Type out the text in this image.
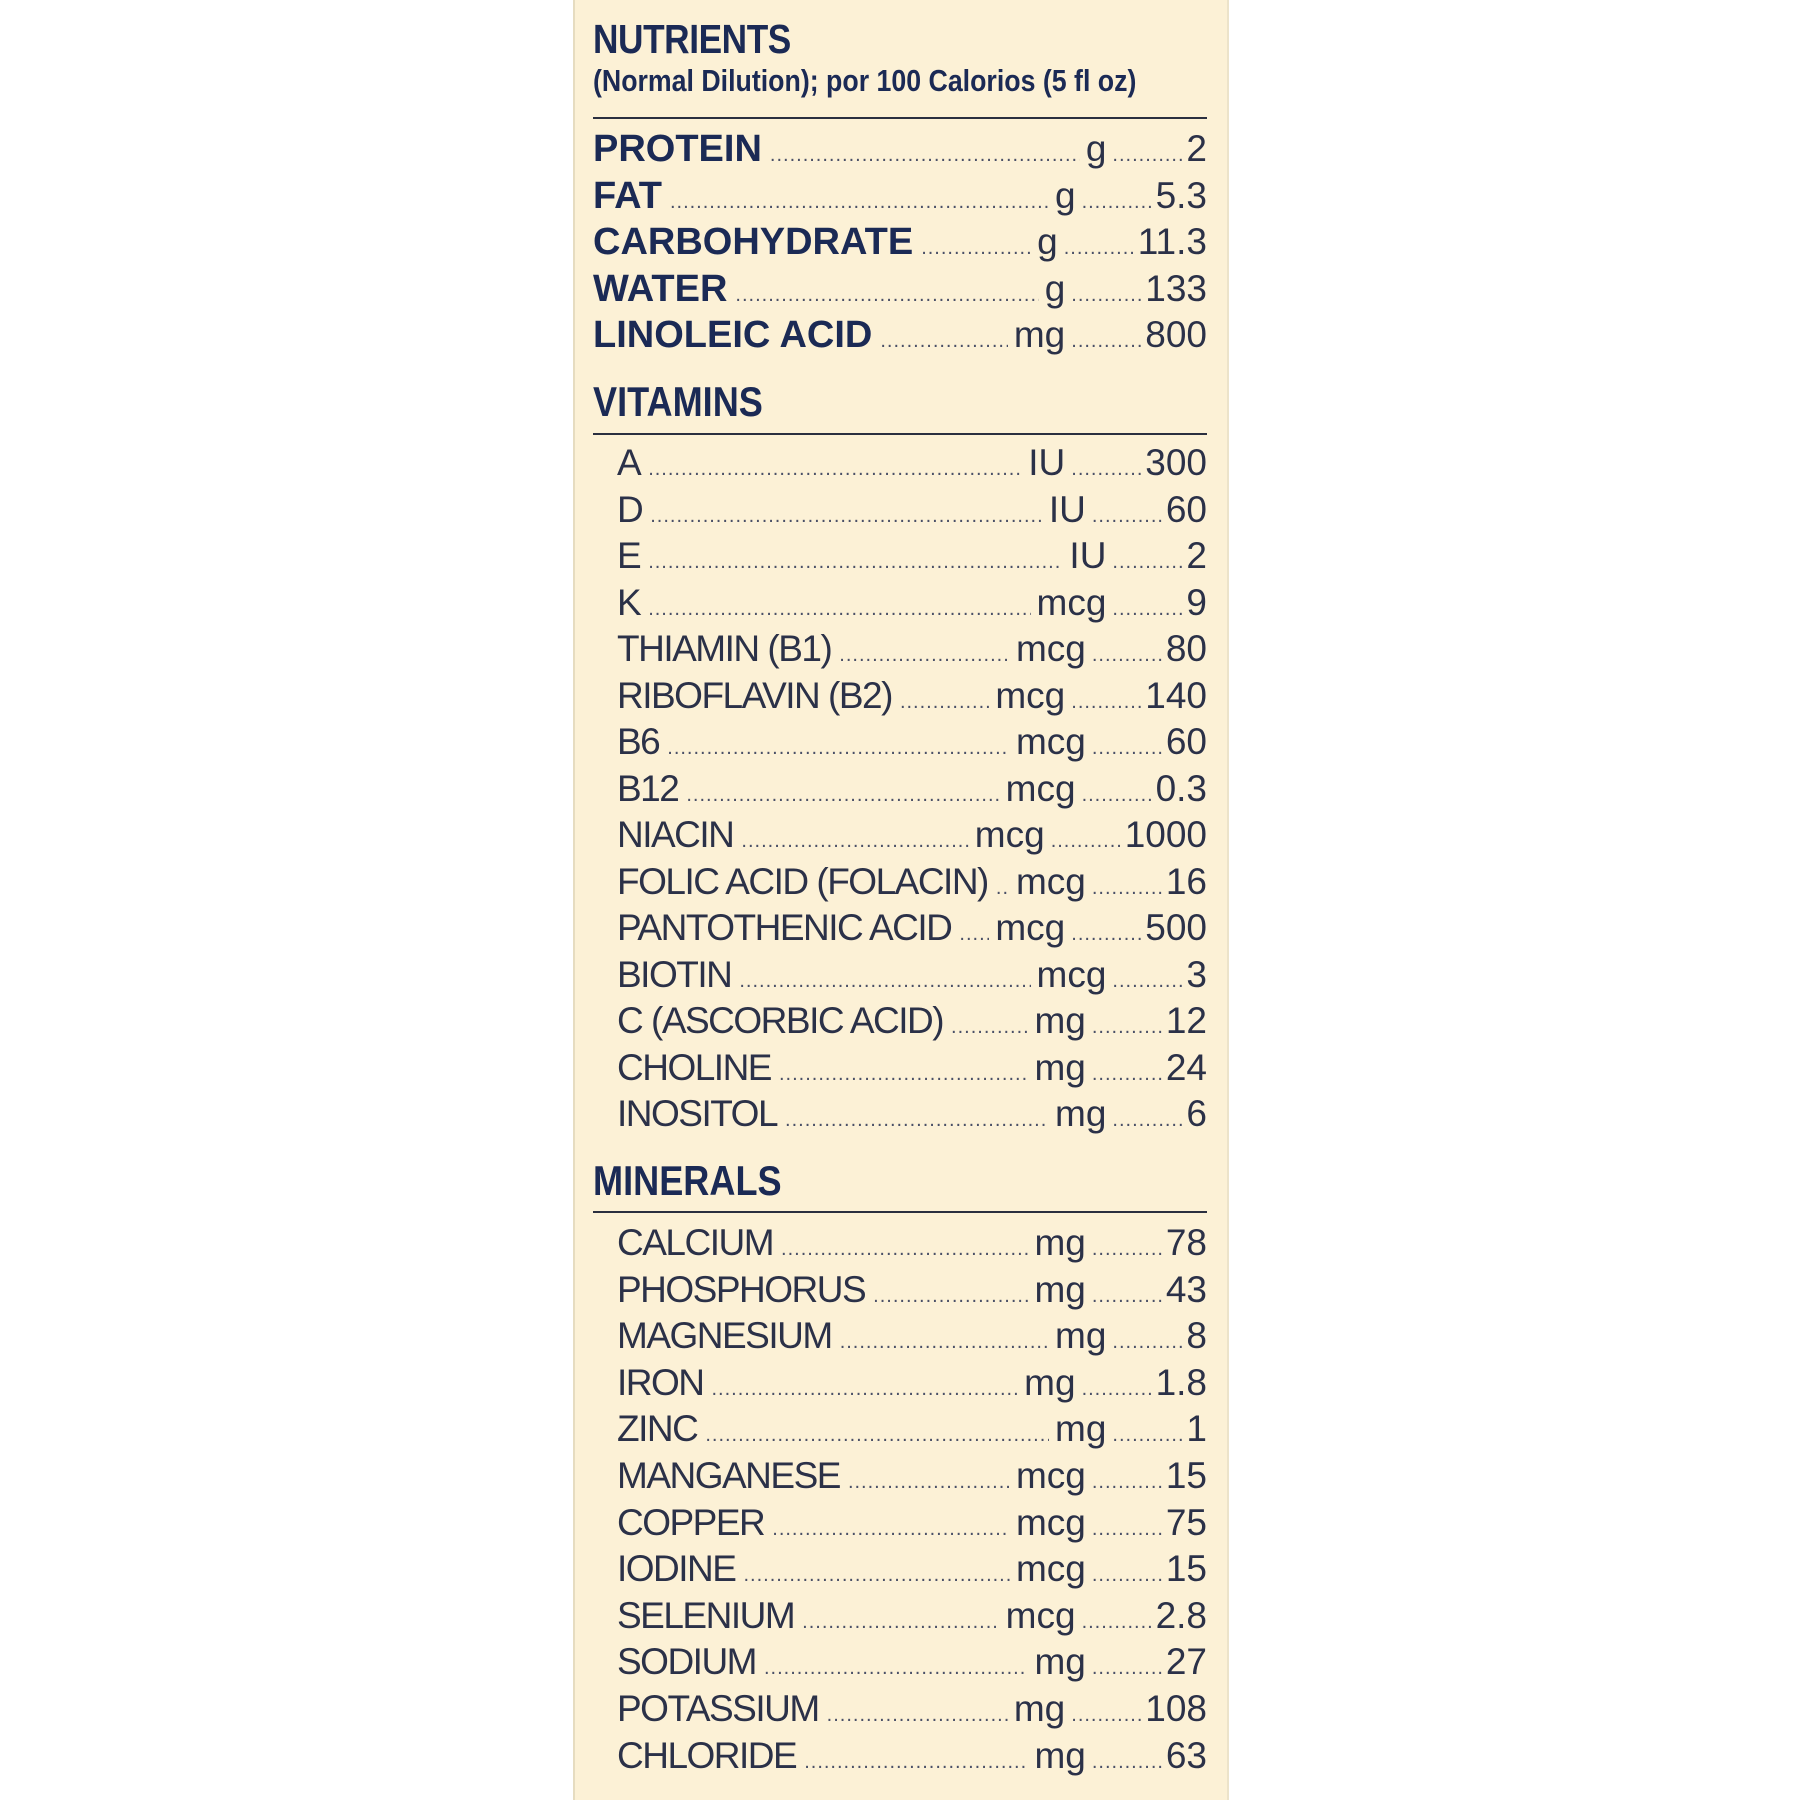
NUTRIENTS
(Normal Dilution); por 100 Calorios (5 fl oz)
PROTEIN .....	g ..... 2
FAT .....	g ..... 5.3
CARBOHYDRATE .....	g ..... 11.3
WATER .....	g ..... 133
LINOLEIC ACID .....	mg ..... 800
VITAMINS
A .....	IU ..... 300
D .....	IU ..... 60
E .....	IU ..... 2
K .....	mcg ..... 9
THIAMIN (B1) .....	mcg ..... 80
RIBOFLAVIN (B2) .....	mcg ..... 140
B6 .....	mcg ..... 60
B12 .....	mcg ..... 0.3
NIACIN .....	mcg ..... 1000
FOLIC ACID (FOLACIN) ..... mcg ..... 16
PANTOTHENIC ACID ..... mcg ..... 500
BIOTIN .....	mcg ..... 3
C (ASCORBIC ACID) ..... mg ..... 12
CHOLINE .....	mg ..... 24
INOSITOL .....	mg ..... 6
MINERALS
CALCIUM .....	mg ..... 78
PHOSPHORUS .....	mg ..... 43
MAGNESIUM .....	mg ..... 8
IRON .....	mg ..... 1.8
ZINC .....	mg ..... 1
MANGANESE .....	mcg ..... 15
COPPER .....	mcg ..... 75
IODINE .....	mcg ..... 15
SELENIUM .....	mcg ..... 2.8
SODIUM .....	mg ..... 27
POTASSIUM .....	mg ..... 108
CHLORIDE .....	mg ..... 63
